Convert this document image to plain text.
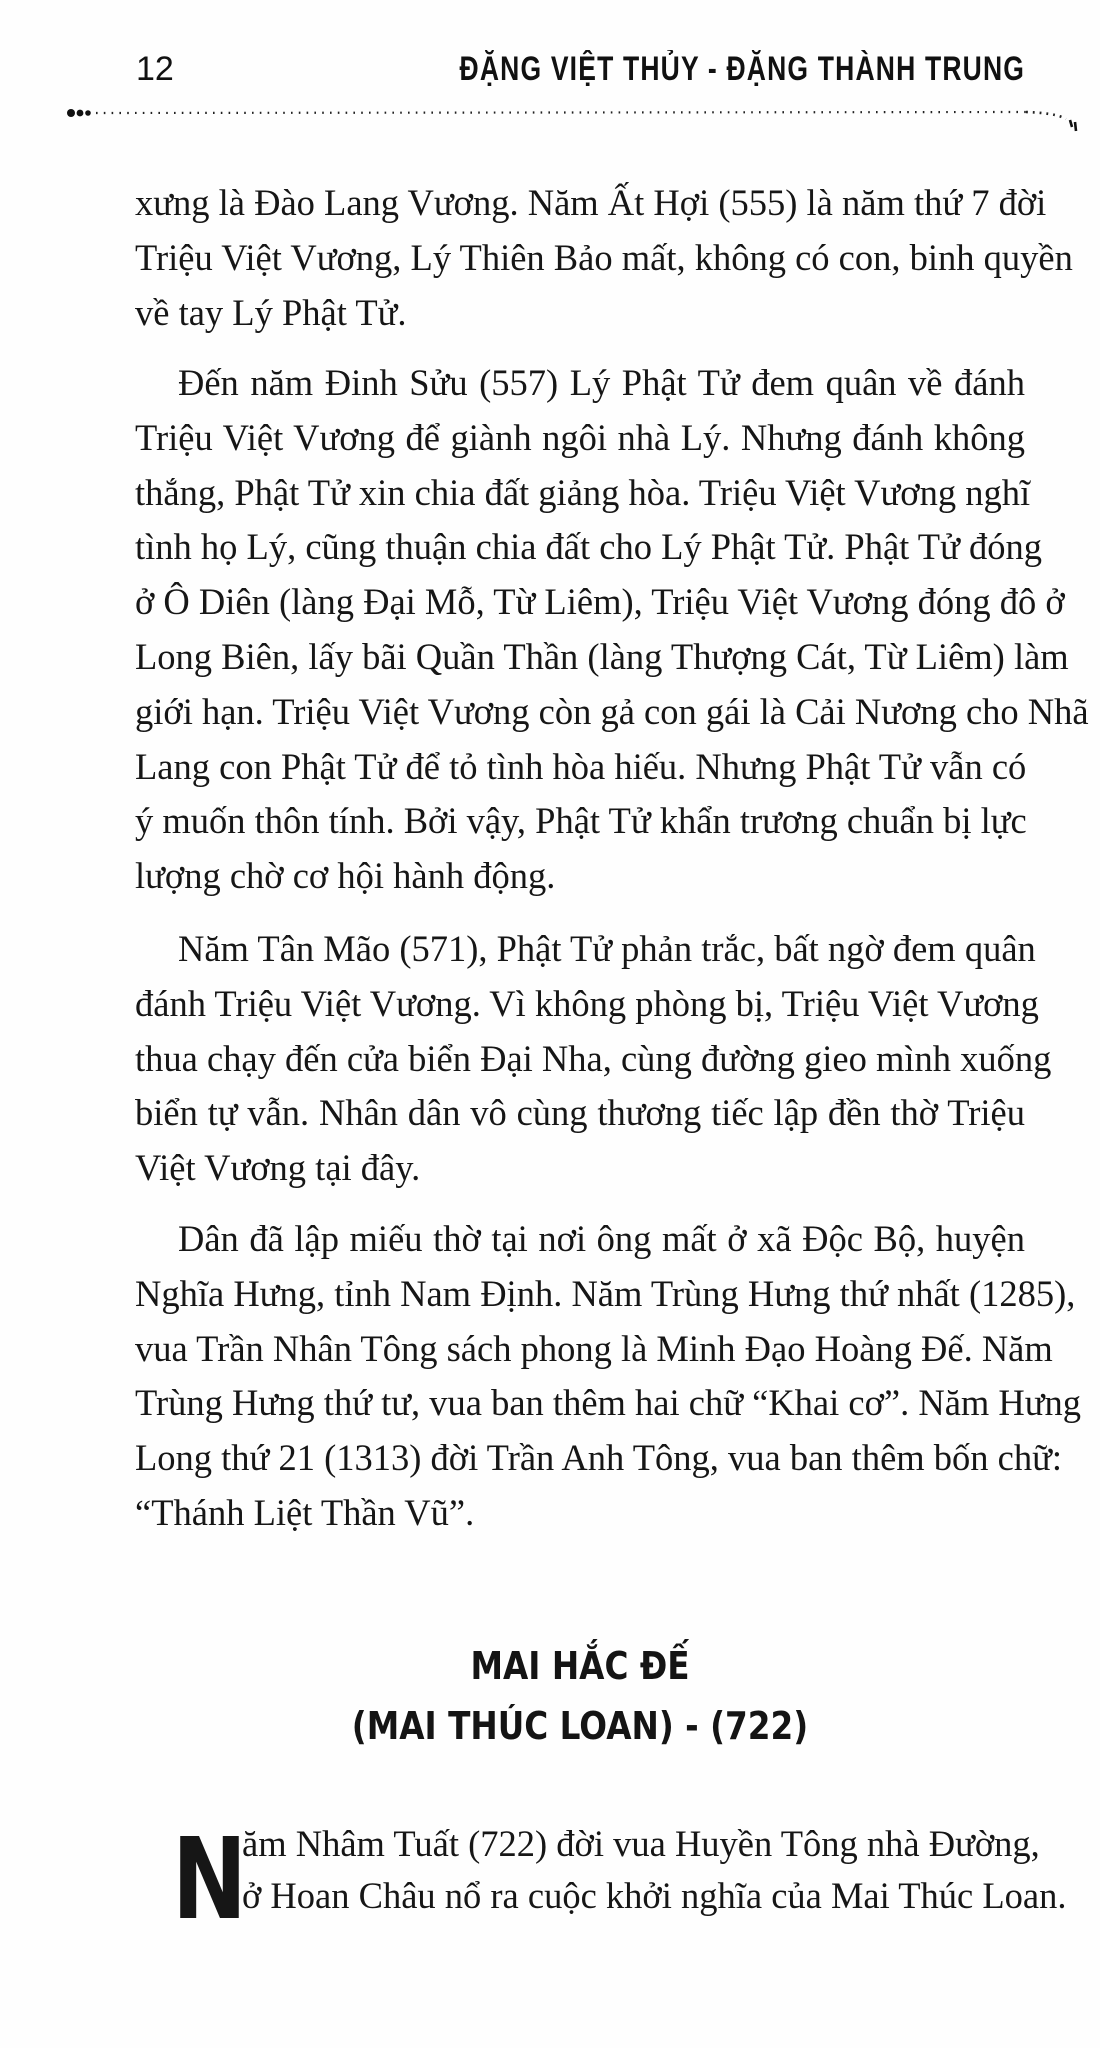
12	ĐẶNG VIỆT THỦY - ĐẶNG THÀNH TRUNG
xưng là Đào Lang Vương. Năm Ất Hợi (555) là năm thứ 7 đời
Triệu Việt Vương, Lý Thiên Bảo mất, không có con, binh quyền
về tay Lý Phật Tử.
Đến năm Đinh Sửu (557) Lý Phật Tử đem quân về đánh
Triệu Việt Vương để giành ngôi nhà Lý. Nhưng đánh không
thắng, Phật Tử xin chia đất giảng hòa. Triệu Việt Vương nghĩ
tình họ Lý, cũng thuận chia đất cho Lý Phật Tử. Phật Tử đóng
ở Ô Diên (làng Đại Mỗ, Từ Liêm), Triệu Việt Vương đóng đô ở
Long Biên, lấy bãi Quần Thần (làng Thượng Cát, Từ Liêm) làm
giới hạn. Triệu Việt Vương còn gả con gái là Cải Nương cho Nhã
Lang con Phật Tử để tỏ tình hòa hiếu. Nhưng Phật Tử vẫn có
ý muốn thôn tính. Bởi vậy, Phật Tử khẩn trương chuẩn bị lực
lượng chờ cơ hội hành động.
Năm Tân Mão (571), Phật Tử phản trắc, bất ngờ đem quân
đánh Triệu Việt Vương. Vì không phòng bị, Triệu Việt Vương
thua chạy đến cửa biển Đại Nha, cùng đường gieo mình xuống
biển tự vẫn. Nhân dân vô cùng thương tiếc lập đền thờ Triệu
Việt Vương tại đây.
Dân đã lập miếu thờ tại nơi ông mất ở xã Độc Bộ, huyện
Nghĩa Hưng, tỉnh Nam Định. Năm Trùng Hưng thứ nhất (1285),
vua Trần Nhân Tông sách phong là Minh Đạo Hoàng Đế. Năm
Trùng Hưng thứ tư, vua ban thêm hai chữ “Khai cơ”. Năm Hưng
Long thứ 21 (1313) đời Trần Anh Tông, vua ban thêm bốn chữ:
“Thánh Liệt Thần Vũ”.
MAI HẮC ĐẾ
(MAI THÚC LOAN) - (722)
N
ăm Nhâm Tuất (722) đời vua Huyền Tông nhà Đường,
ở Hoan Châu nổ ra cuộc khởi nghĩa của Mai Thúc Loan.
